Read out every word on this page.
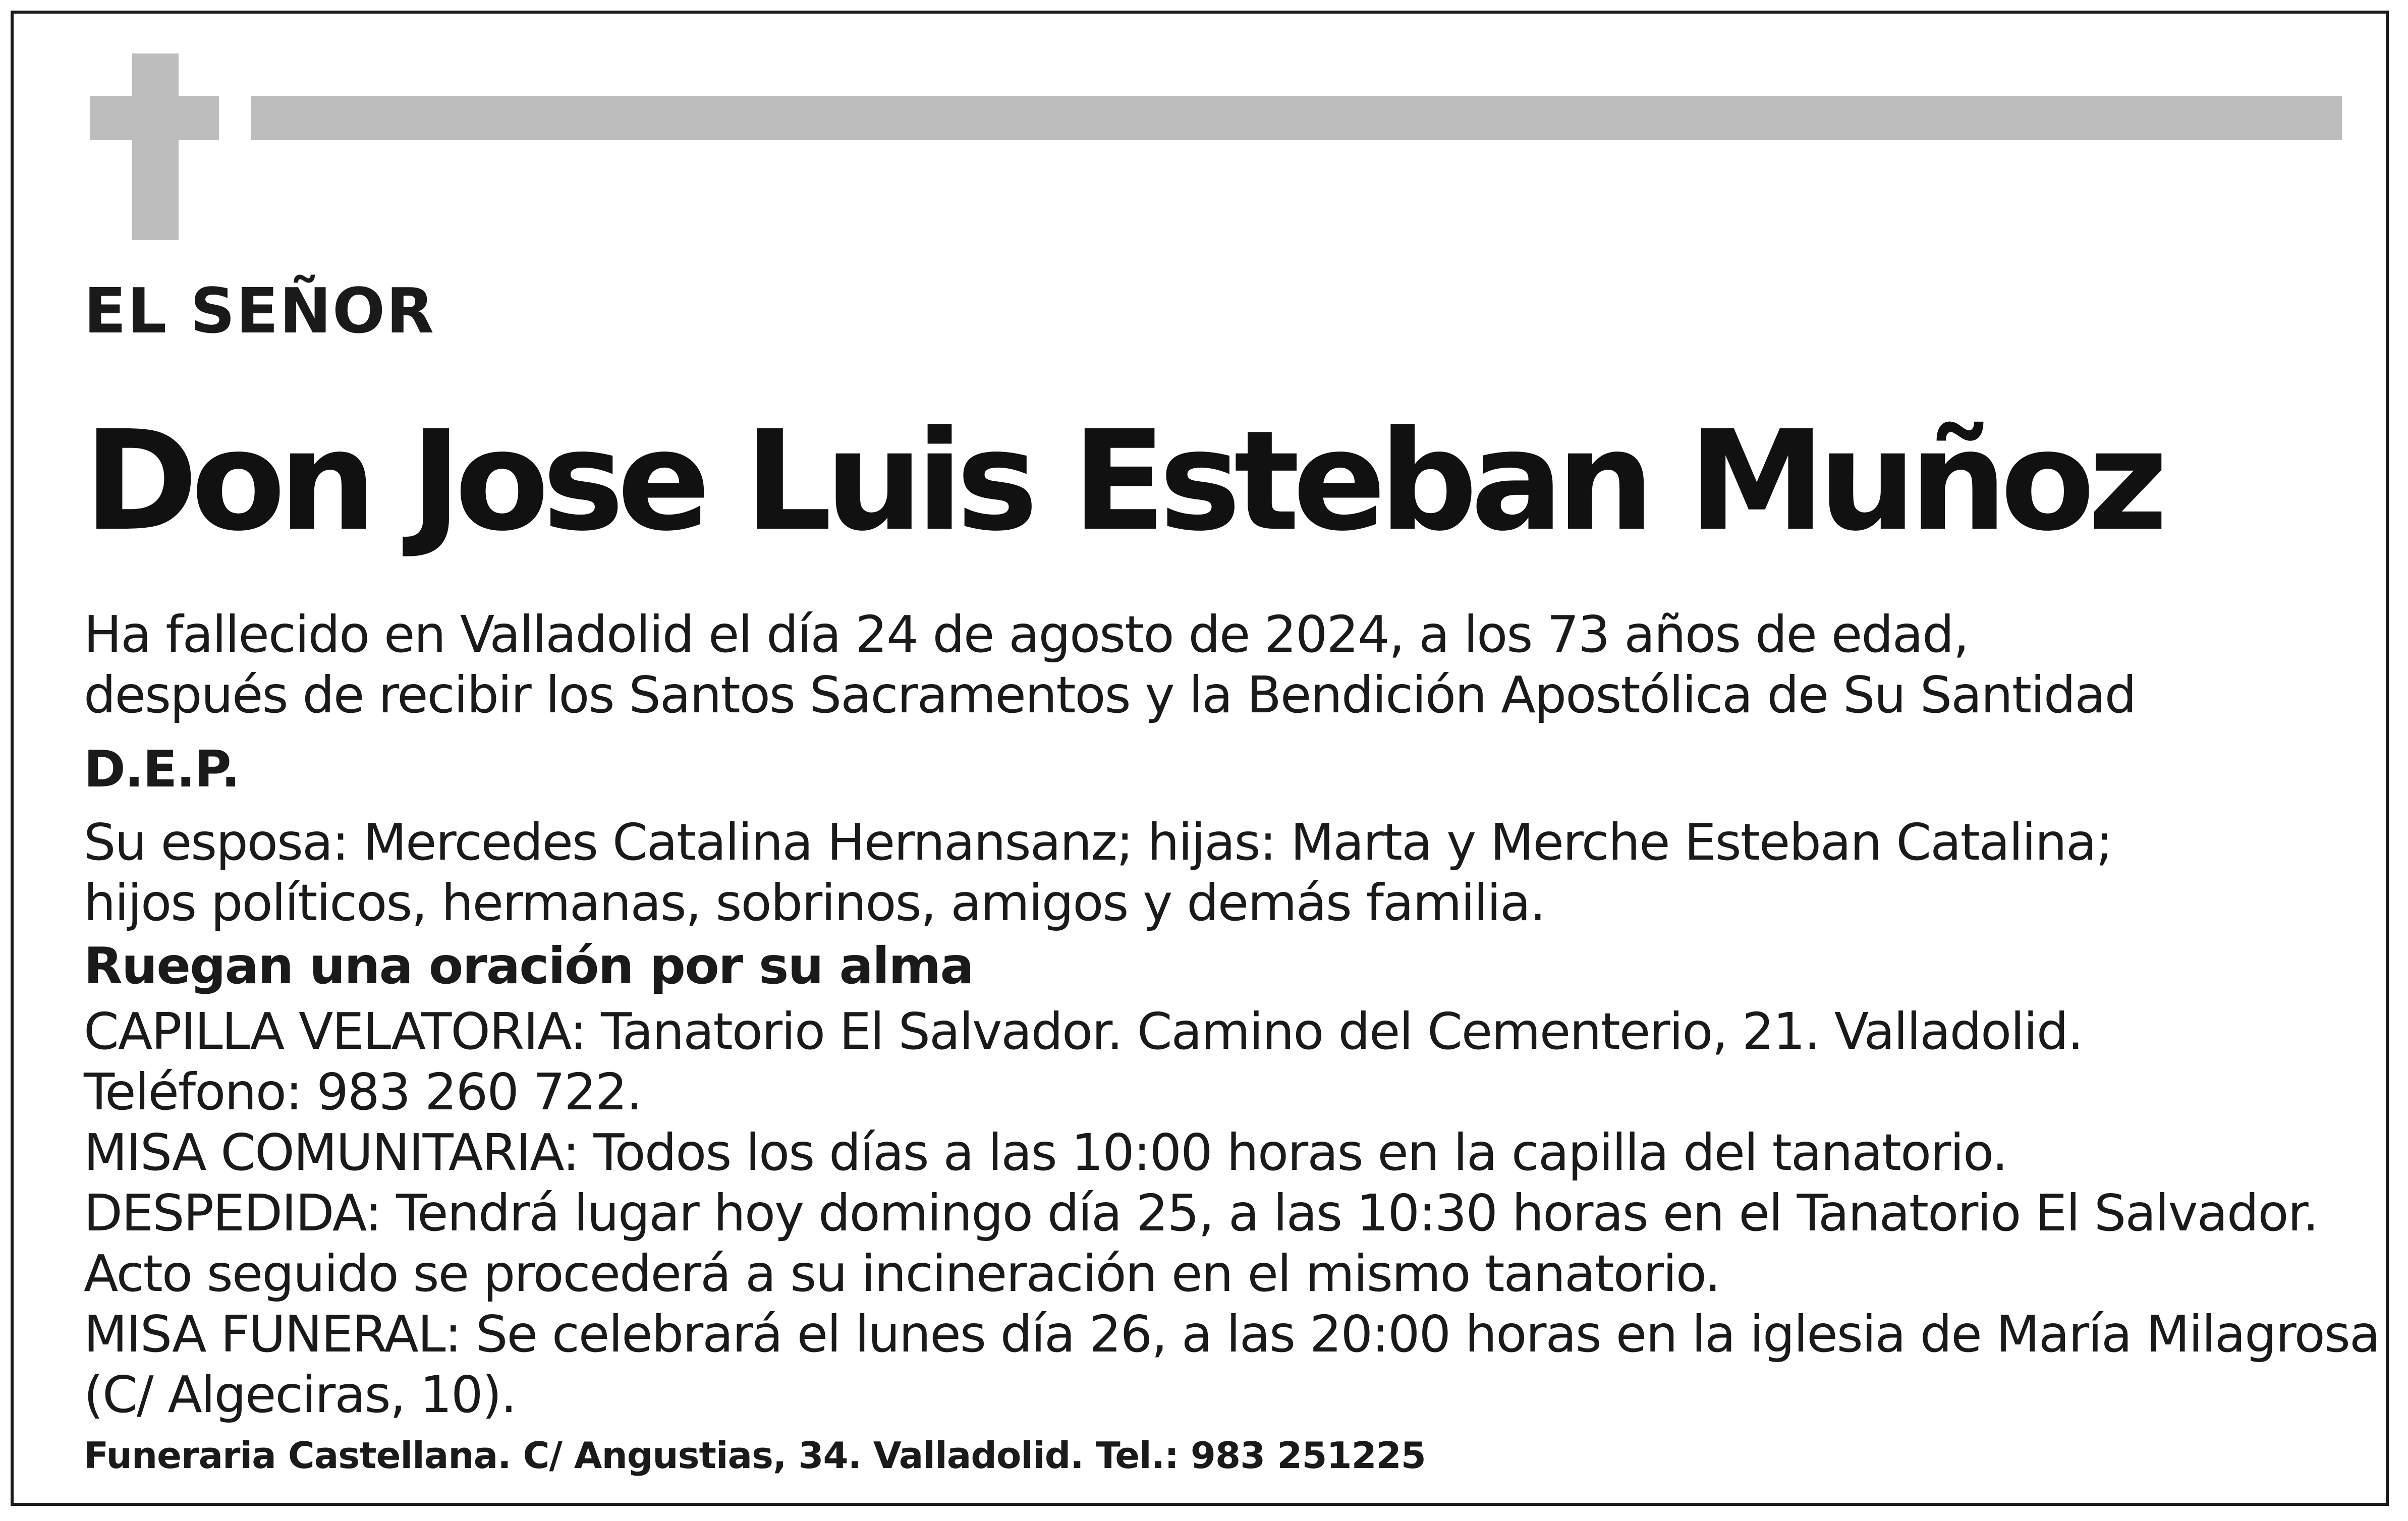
EL SEÑOR

Don Jose Luis Esteban Muñoz

Ha fallecido en Valladolid el día 24 de agosto de 2024, a los 73 años de edad,

después de recibir los Santos Sacramentos y la Bendición Apostólica de Su Santidad

D.E.P.

Su esposa: Mercedes Catalina Hernansanz; hijas: Marta y Merche Esteban Catalina;

hijos políticos, hermanas, sobrinos, amigos y demás familia.

Ruegan una oración por su alma

CAPILLA VELATORIA: Tanatorio El Salvador. Camino del Cementerio, 21. Valladolid.

Teléfono: 983 260 722.

MISA COMUNITARIA: Todos los días a las 10:00 horas en la capilla del tanatorio.

DESPEDIDA: Tendrá lugar hoy domingo día 25, a las 10:30 horas en el Tanatorio El Salvador.

Acto seguido se procederá a su incineración en el mismo tanatorio.

MISA FUNERAL: Se celebrará el lunes día 26, a las 20:00 horas en la iglesia de María Milagrosa

(C/ Algeciras, 10).

Funeraria Castellana. C/ Angustias, 34. Valladolid. Tel.: 983 251225
